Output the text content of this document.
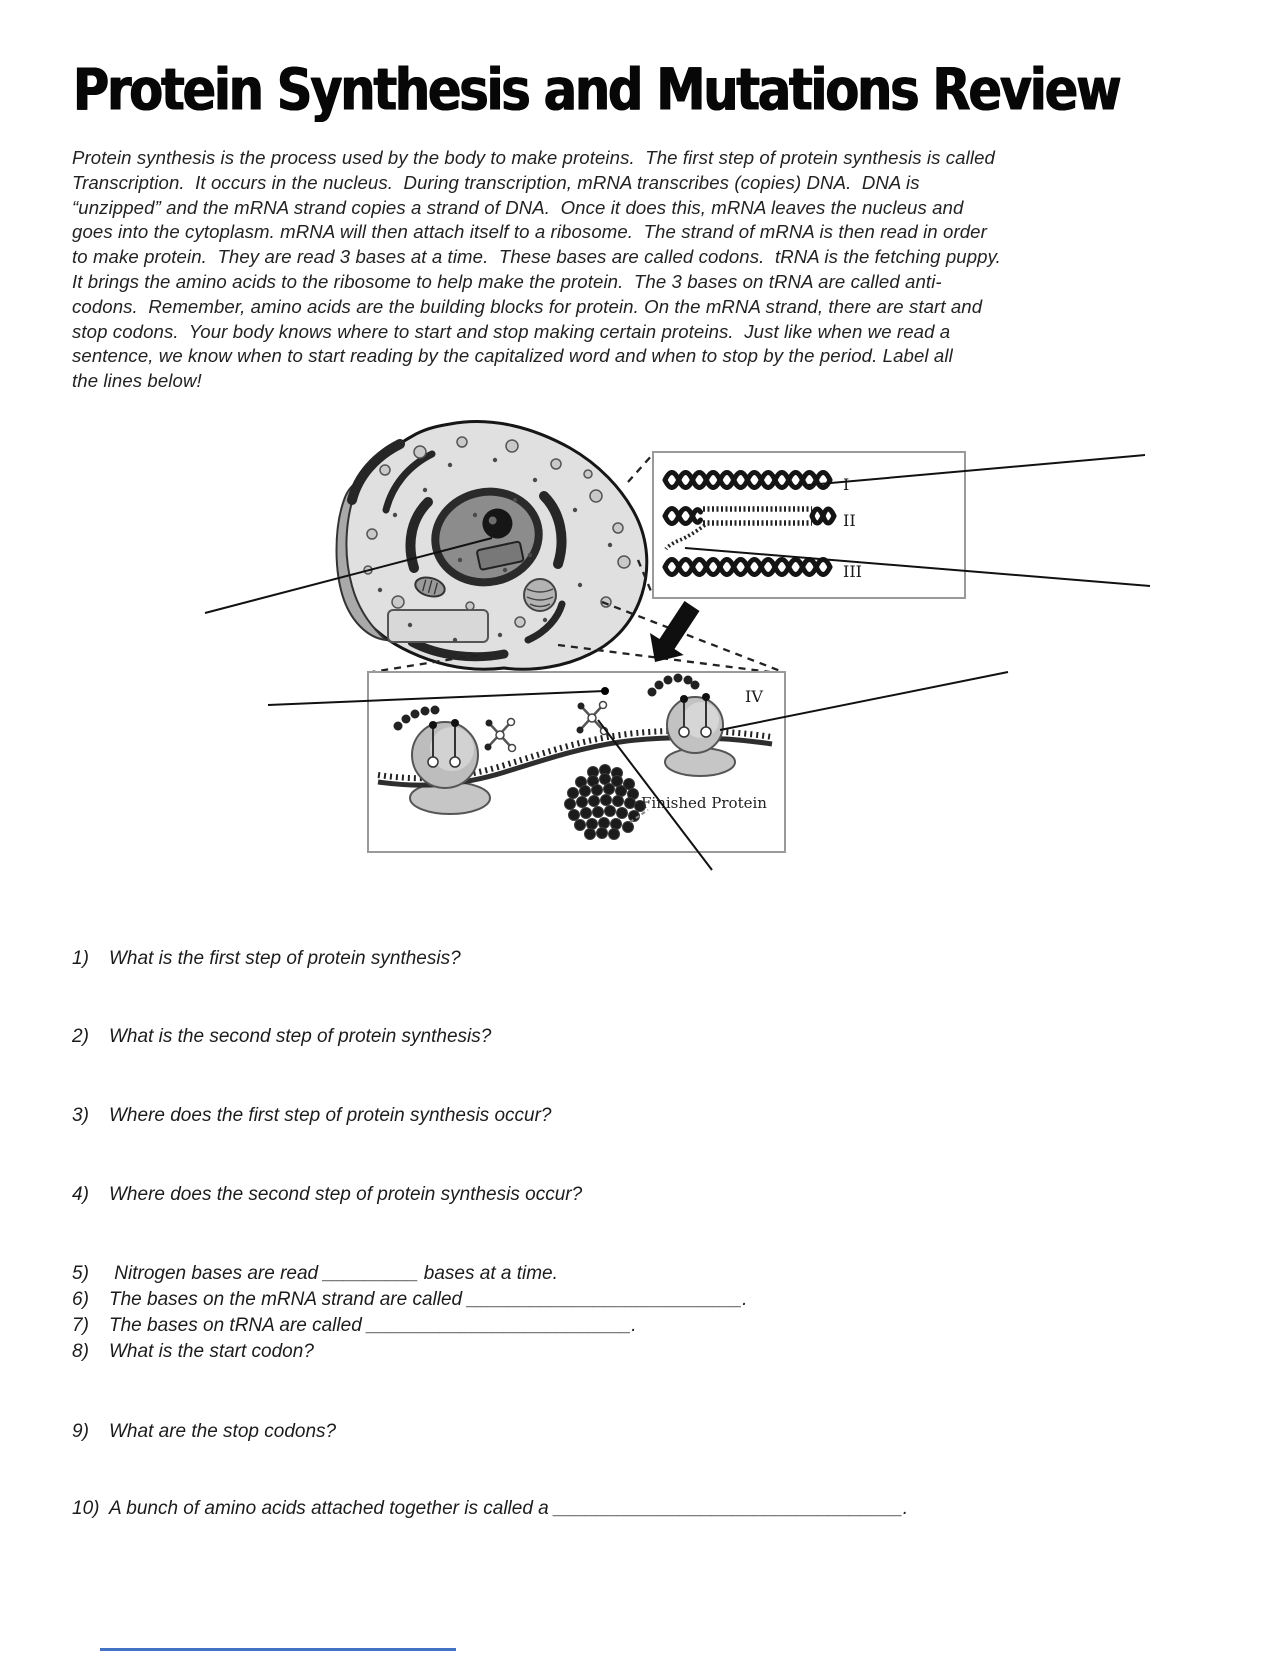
Protein Synthesis and Mutations Review
Protein synthesis is the process used by the body to make proteins.  The first step of protein synthesis is called
Transcription.  It occurs in the nucleus.  During transcription, mRNA transcribes (copies) DNA.  DNA is
“unzipped” and the mRNA strand copies a strand of DNA.  Once it does this, mRNA leaves the nucleus and
goes into the cytoplasm. mRNA will then attach itself to a ribosome.  The strand of mRNA is then read in order
to make protein.  They are read 3 bases at a time.  These bases are called codons.  tRNA is the fetching puppy.
It brings the amino acids to the ribosome to help make the protein.  The 3 bases on tRNA are called anti-
codons.  Remember, amino acids are the building blocks for protein. On the mRNA strand, there are start and
stop codons.  Your body knows where to start and stop making certain proteins.  Just like when we read a
sentence, we know when to start reading by the capitalized word and when to stop by the period. Label all
the lines below!
I
II
III
IV
Finished Protein
1) What is the first step of protein synthesis?
2) What is the second step of protein synthesis?
3) Where does the first step of protein synthesis occur?
4) Where does the second step of protein synthesis occur?
5) Nitrogen bases are read _________ bases at a time.
6) The bases on the mRNA strand are called __________________________.
7) The bases on tRNA are called _________________________.
8) What is the start codon?
9) What are the stop codons?
10) A bunch of amino acids attached together is called a _________________________________.
